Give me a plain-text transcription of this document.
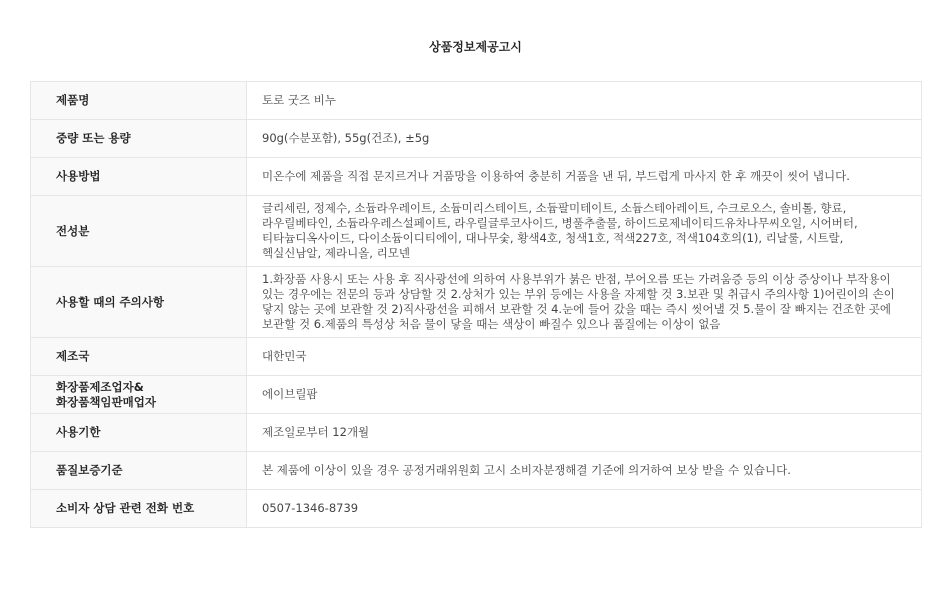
상품정보제공고시
제품명	토로 굿즈 비누
중량 또는 용량	90g(수분포함), 55g(건조), ±5g
사용방법	미온수에 제품을 직접 문지르거나 거품망을 이용하여 충분히 거품을 낸 뒤, 부드럽게 마사지 한 후 깨끗이 씻어 냅니다.
전성분	글리세린, 정제수, 소듐라우레이트, 소듐미리스테이트, 소듐팔미테이트, 소듐스테아레이트, 수크로오스, 솔비톨, 향료, 라우릴베타인, 소듐라우레스설페이트, 라우릴글루코사이드, 병풀추출물, 하이드로제네이티드유차나무씨오일, 시어버터, 티타늄디옥사이드, 다이소듐이디티에이, 대나무숯, 황색4호, 청색1호, 적색227호, 적색104호의(1), 리날룰, 시트랄, 헥실신남알, 제라니올, 리모넨
사용할 때의 주의사항	1.화장품 사용시 또는 사용 후 직사광선에 의하여 사용부위가 붉은 반점, 부어오름 또는 가려움증 등의 이상 증상이나 부작용이 있는 경우에는 전문의 등과 상담할 것 2.상처가 있는 부위 등에는 사용을 자제할 것 3.보관 및 취급시 주의사항 1)어린이의 손이 닿지 않는 곳에 보관할 것 2)직사광선을 피해서 보관할 것 4.눈에 들어 갔을 때는 즉시 씻어낼 것 5.물이 잘 빠지는 건조한 곳에 보관할 것 6.제품의 특성상 처음 물이 닿을 때는 색상이 빠질수 있으나 품질에는 이상이 없음
제조국	대한민국
화장품제조업자&
화장품책임판매업자	에이브릴팜
사용기한	제조일로부터 12개월
품질보증기준	본 제품에 이상이 있을 경우 공정거래위원회 고시 소비자분쟁해결 기준에 의거하여 보상 받을 수 있습니다.
소비자 상담 관련 전화 번호	0507-1346-8739
